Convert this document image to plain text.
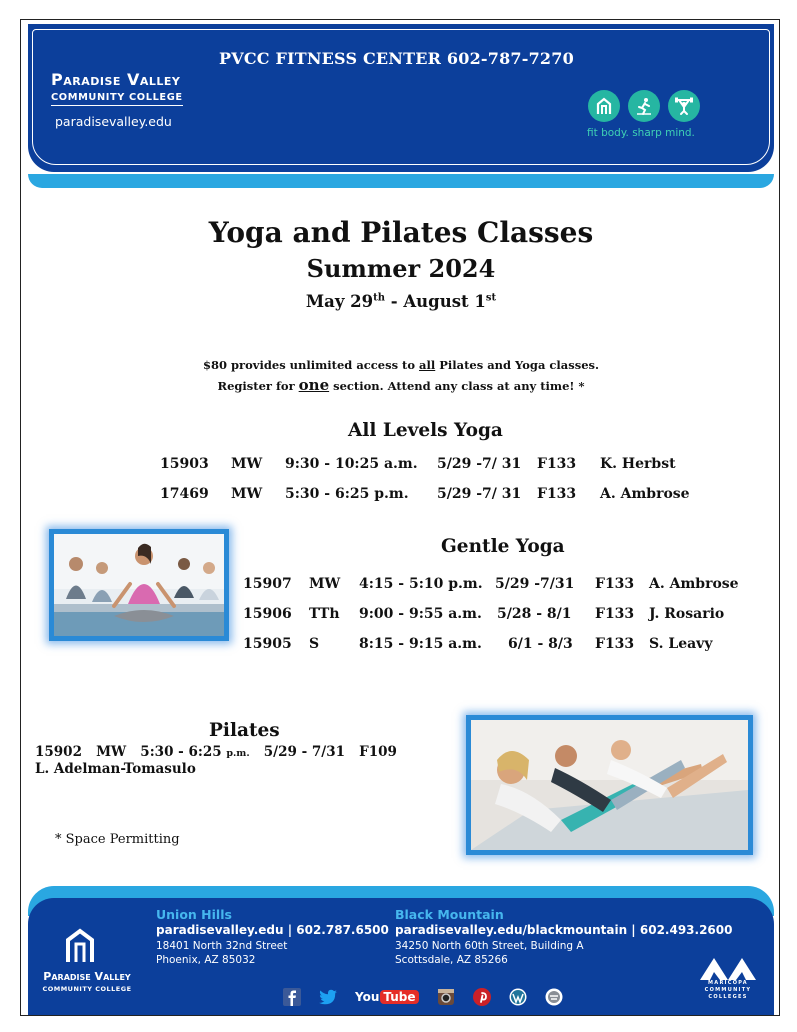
PVCC FITNESS CENTER 602-787-7270
Paradise Valley
COMMUNITY COLLEGE
paradisevalley.edu
fit body. sharp mind.
Yoga and Pilates Classes
Summer 2024
May 29th - August 1st
$80 provides unlimited access to all Pilates and Yoga classes.
Register for one section. Attend any class at any time! *
All Levels Yoga
15903 MW 9:30 - 10:25 a.m. 5/29 -7/ 31 F133 K. Herbst
17469 MW 5:30 - 6:25 p.m. 5/29 -7/ 31 F133 A. Ambrose
Gentle Yoga
15907 MW 4:15 - 5:10 p.m. 5/29 -7/31 F133 A. Ambrose
15906 TTh 9:00 - 9:55 a.m. 5/28 - 8/1 F133 J. Rosario
15905 S	8:15 - 9:15 a.m. 6/1 - 8/3 F133 S. Leavy
Pilates
15902 MW 5:30 - 6:25 p.m. 5/29 - 7/31 F109
L. Adelman-Tomasulo
* Space Permitting
Paradise Valley
COMMUNITY COLLEGE
Union Hills
paradisevalley.edu | 602.787.6500
18401 North 32nd Street
Phoenix, AZ 85032
Black Mountain
paradisevalley.edu/blackmountain | 602.493.2600
34250 North 60th Street, Building A
Scottsdale, AZ 85266
MARICOPA
COMMUNITY
COLLEGES
You Tube
